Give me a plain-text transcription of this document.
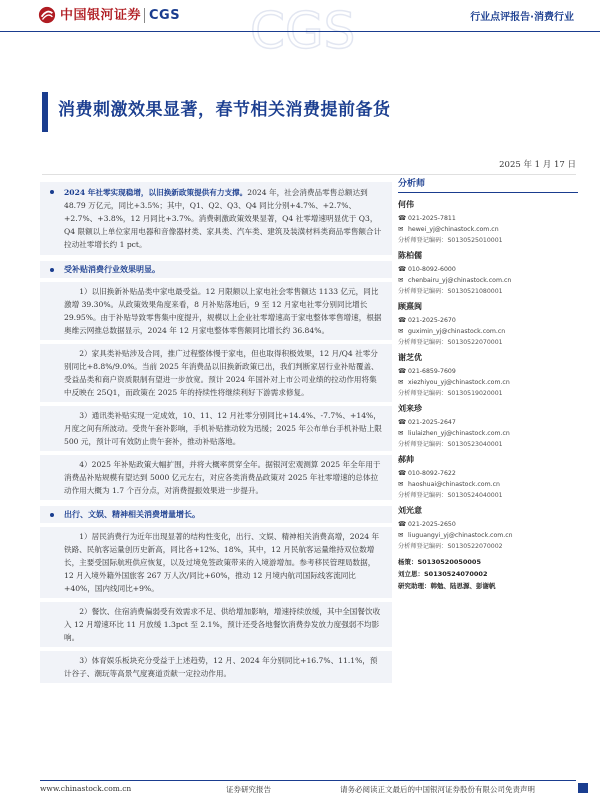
中国银河证券 CGS	行业点评报告·消费行业
CGS
消费刺激效果显著，春节相关消费提前备货
2025 年 1 月 17 日
2024 年社零实现稳增，以旧换新政策提供有力支撑。2024 年，社会消费品零售总额达到 48.79 万亿元，同比+3.5%；其中，Q1、Q2、Q3、Q4 同比分别+4.7%、+2.7%、+2.7%、+3.8%，12 月同比+3.7%。消费刺激政策效果显著，Q4 社零增速明显优于 Q3，Q4 限额以上单位家用电器和音像器材类、家具类、汽车类、建筑及装潢材料类商品零售额合计拉动社零增长约 1 pct。
受补贴消费行业效果明显。
1）以旧换新补贴品类中家电最受益。12 月限额以上家电社会零售额达 1133 亿元，同比激增 39.30%。从政策效果角度来看，8 月补贴落地后，9 至 12 月家电社零分别同比增长 29.95%。由于补贴导致零售集中度提升，规模以上企业社零增速高于家电整体零售增速，根据奥维云网推总数据显示，2024 年 12 月家电整体零售额同比增长约 36.84%。
2）家具类补贴涉及合同，推广过程整体慢于家电，但也取得积极效果，12 月/Q4 社零分别同比+8.8%/9.0%。当前 2025 年消费品以旧换新政策已出，我们判断家居行业补贴覆盖、受益品类和商户资质限制有望进一步放宽。预计 2024 年国补对上市公司业绩的拉动作用将集中反映在 25Q1，而政策在 2025 年的持续性将继续利好下游需求修复。
3）通讯类补贴实现一定成效，10、11、12 月社零分别同比+14.4%、-7.7%、+14%，月度之间有所波动。受贵午套补影响，手机补贴推动较为迅缓；2025 年公布单台手机补贴上限 500 元，预计可有效防止贵午套补，推动补贴落地。
4）2025 年补贴政策大幅扩围，并将大概率贯穿全年。据银河宏观测算 2025 年全年用于消费品补贴规模有望达到 5000 亿元左右，对应各类消费品政策对 2025 年社零增速的总体拉动作用大概为 1.7 个百分点，对消费提振效果进一步提升。
出行、文娱、精神相关消费增量增长。
1）居民消费行为近年出现显著的结构性变化，出行、文娱、精神相关消费高增，2024 年铁路、民航客运量创历史新高，同比各+12%、18%，其中，12 月民航客运量维持双位数增长，主要受国际航班供应恢复，以及过境免签政策带来的入境游增加。参考移民管理局数据，12 月入境外籍外国旅客 267 万人次/同比+60%，推动 12 月境内航司国际线客流同比+40%，国内线同比+9%。
2）餐饮、住宿消费偏弱受有效需求不足、供给增加影响，增速持续放缓，其中全国餐饮收入 12 月增速环比 11 月放缓 1.3pct 至 2.1%，预计还受各地餐饮消费券发放力度强弱不均影响。
3）体育娱乐板块充分受益于上述趋势，12 月、2024 年分别同比+16.7%、11.1%，预计谷子、潮玩等高景气度赛道贡献一定拉动作用。
分析师
何伟
☎ 021-2025-7811
✉ hewei_yj@chinastock.com.cn
分析师登记编码：S0130525010001
陈柏儒
☎ 010-8092-6000
✉ chenbairu_yj@chinastock.com.cn
分析师登记编码：S0130521080001
顾熹闽
☎ 021-2025-2670
✉ guximin_yj@chinastock.com.cn
分析师登记编码：S0130522070001
谢芝优
☎ 021-6859-7609
✉ xiezhiyou_yj@chinastock.com.cn
分析师登记编码：S0130519020001
刘来珍
☎ 021-2025-2647
✉ liulaizhen_yj@chinastock.com.cn
分析师登记编码：S0130523040001
郝帅
☎ 010-8092-7622
✉ haoshuai@chinastock.com.cn
分析师登记编码：S0130524040001
刘光意
☎ 021-2025-2650
✉ liuguangyi_yj@chinastock.com.cn
分析师登记编码：S0130522070002
杨策：S0130520050005
刘立思：S0130524070002
研究助理：韩勉、陆思源、彭谢帆
www.chinastock.com.cn	证券研究报告	请务必阅读正文最后的中国银河证券股份有限公司免责声明
